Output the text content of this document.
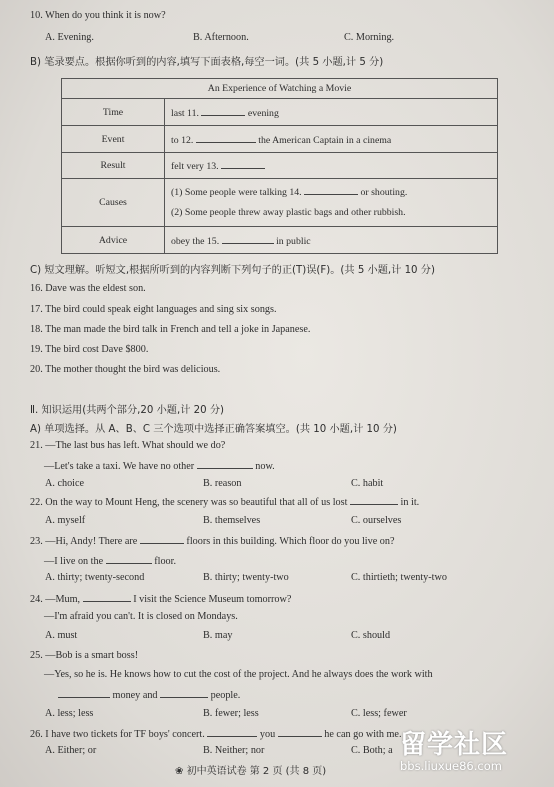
10. When do you think it is now?
A. Evening.	B. Afternoon.	C. Morning.
B) 笔录要点。根据你听到的内容,填写下面表格,每空一词。(共 5 小题,计 5 分)
An Experience of Watching a Movie	
Time	last 11. evening
Event	to 12. the American Captain in a cinema
Result	felt very 13.
Causes	(1) Some people were talking 14. or shouting.
(2) Some people threw away plastic bags and other rubbish.

Advice	obey the 15. in public
C) 短文理解。听短文,根据所听到的内容判断下列句子的正(T)误(F)。(共 5 小题,计 10 分)
16. Dave was the eldest son.
17. The bird could speak eight languages and sing six songs.
18. The man made the bird talk in French and tell a joke in Japanese.
19. The bird cost Dave $800.
20. The mother thought the bird was delicious.
Ⅱ. 知识运用(共两个部分,20 小题,计 20 分)
A) 单项选择。从 A、B、C 三个选项中选择正确答案填空。(共 10 小题,计 10 分)
21. —The last bus has left. What should we do?
—Let's take a taxi. We have no other	now.
A. choice	B. reason	C. habit
22. On the way to Mount Heng, the scenery was so beautiful that all of us lost	in it.
A. myself	B. themselves	C. ourselves
23. —Hi, Andy! There are	floors in this building. Which floor do you live on?
—I live on the	floor.
A. thirty; twenty-second	B. thirty; twenty-two	C. thirtieth; twenty-two
24. —Mum,	I visit the Science Museum tomorrow?
—I'm afraid you can't. It is closed on Mondays.
A. must	B. may	C. should
25. —Bob is a smart boss!
—Yes, so he is. He knows how to cut the cost of the project. And he always does the work with
money and	people.
A. less; less	B. fewer; less	C. less; fewer
26. I have two tickets for TF boys' concert.	you	he can go with me.
A. Either; or	B. Neither; nor	C. Both; a
❀ 初中英语试卷 第 2 页 (共 8 页)
留学社区
bbs.liuxue86.com
